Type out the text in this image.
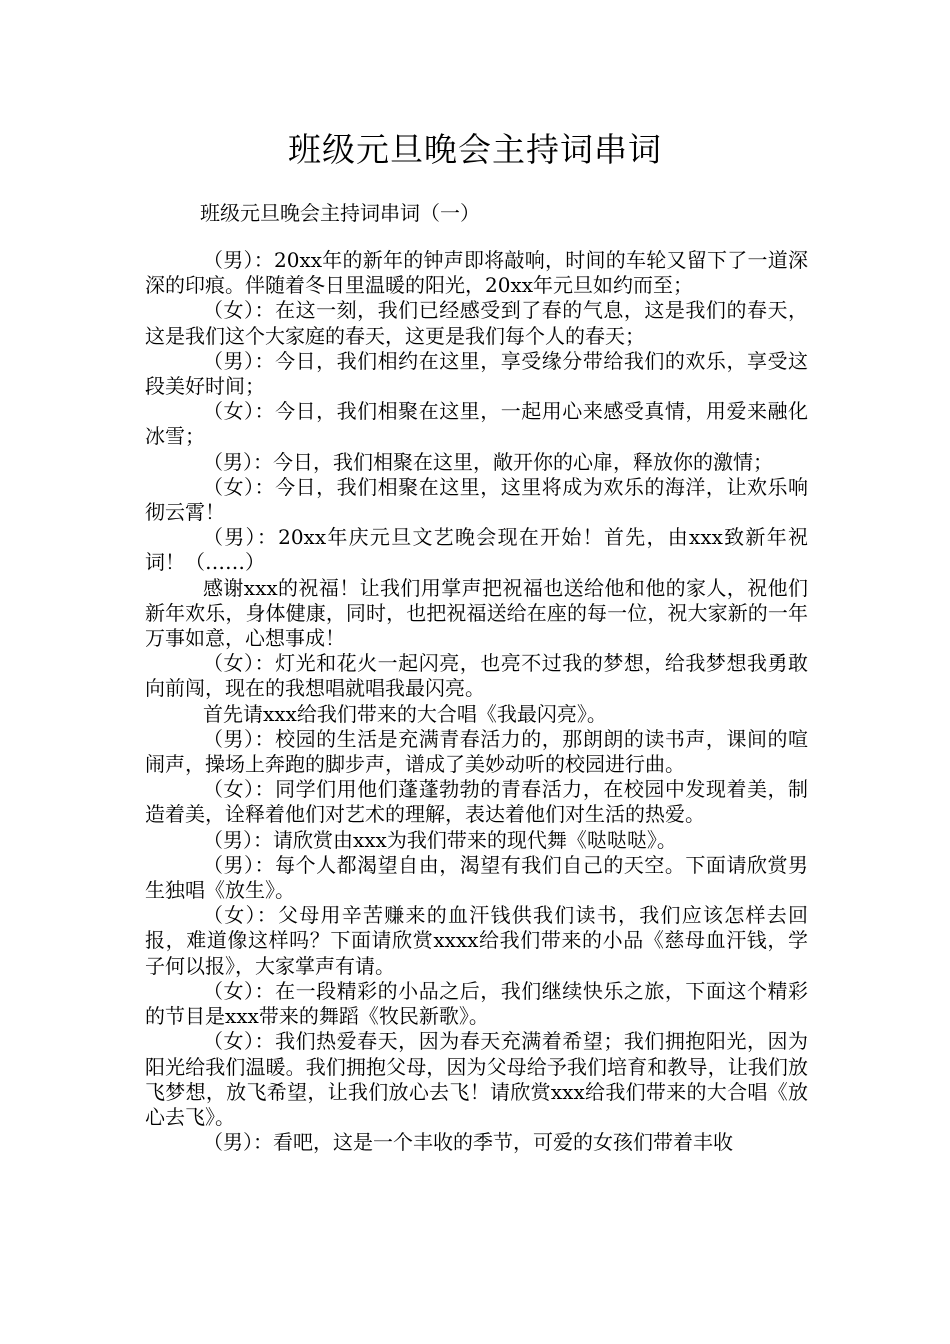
班级元旦晚会主持词串词

班级元旦晚会主持词串词（一）

（男）：20xx年的新年的钟声即将敲响，时间的车轮又留下了一道深深的印痕。伴随着冬日里温暖的阳光，20xx年元旦如约而至；

（女）：在这一刻，我们已经感受到了春的气息，这是我们的春天，这是我们这个大家庭的春天，这更是我们每个人的春天；

（男）：今日，我们相约在这里，享受缘分带给我们的欢乐，享受这段美好时间；

（女）：今日，我们相聚在这里，一起用心来感受真情，用爱来融化冰雪；

（男）：今日，我们相聚在这里，敞开你的心扉，释放你的激情；

（女）：今日，我们相聚在这里，这里将成为欢乐的海洋，让欢乐响彻云霄！

（男）：20xx年庆元旦文艺晚会现在开始！首先，由xxx致新年祝词！（……）

感谢xxx的祝福！让我们用掌声把祝福也送给他和他的家人，祝他们新年欢乐，身体健康，同时，也把祝福送给在座的每一位，祝大家新的一年万事如意，心想事成！

（女）：灯光和花火一起闪亮，也亮不过我的梦想，给我梦想我勇敢向前闯，现在的我想唱就唱我最闪亮。

首先请xxx给我们带来的大合唱《我最闪亮》。

（男）：校园的生活是充满青春活力的，那朗朗的读书声，课间的喧闹声，操场上奔跑的脚步声，谱成了美妙动听的校园进行曲。

（女）：同学们用他们蓬蓬勃勃的青春活力，在校园中发现着美，制造着美，诠释着他们对艺术的理解，表达着他们对生活的热爱。

（男）：请欣赏由xxx为我们带来的现代舞《哒哒哒》。

（男）：每个人都渴望自由，渴望有我们自己的天空。下面请欣赏男生独唱《放生》。

（女）：父母用辛苦赚来的血汗钱供我们读书，我们应该怎样去回报，难道像这样吗？下面请欣赏xxxx给我们带来的小品《慈母血汗钱，学子何以报》，大家掌声有请。

（女）：在一段精彩的小品之后，我们继续快乐之旅，下面这个精彩的节目是xxx带来的舞蹈《牧民新歌》。

（女）：我们热爱春天，因为春天充满着希望；我们拥抱阳光，因为阳光给我们温暖。我们拥抱父母，因为父母给予我们培育和教导，让我们放飞梦想，放飞希望，让我们放心去飞！请欣赏xxx给我们带来的大合唱《放心去飞》。

（男）：看吧，这是一个丰收的季节，可爱的女孩们带着丰收
